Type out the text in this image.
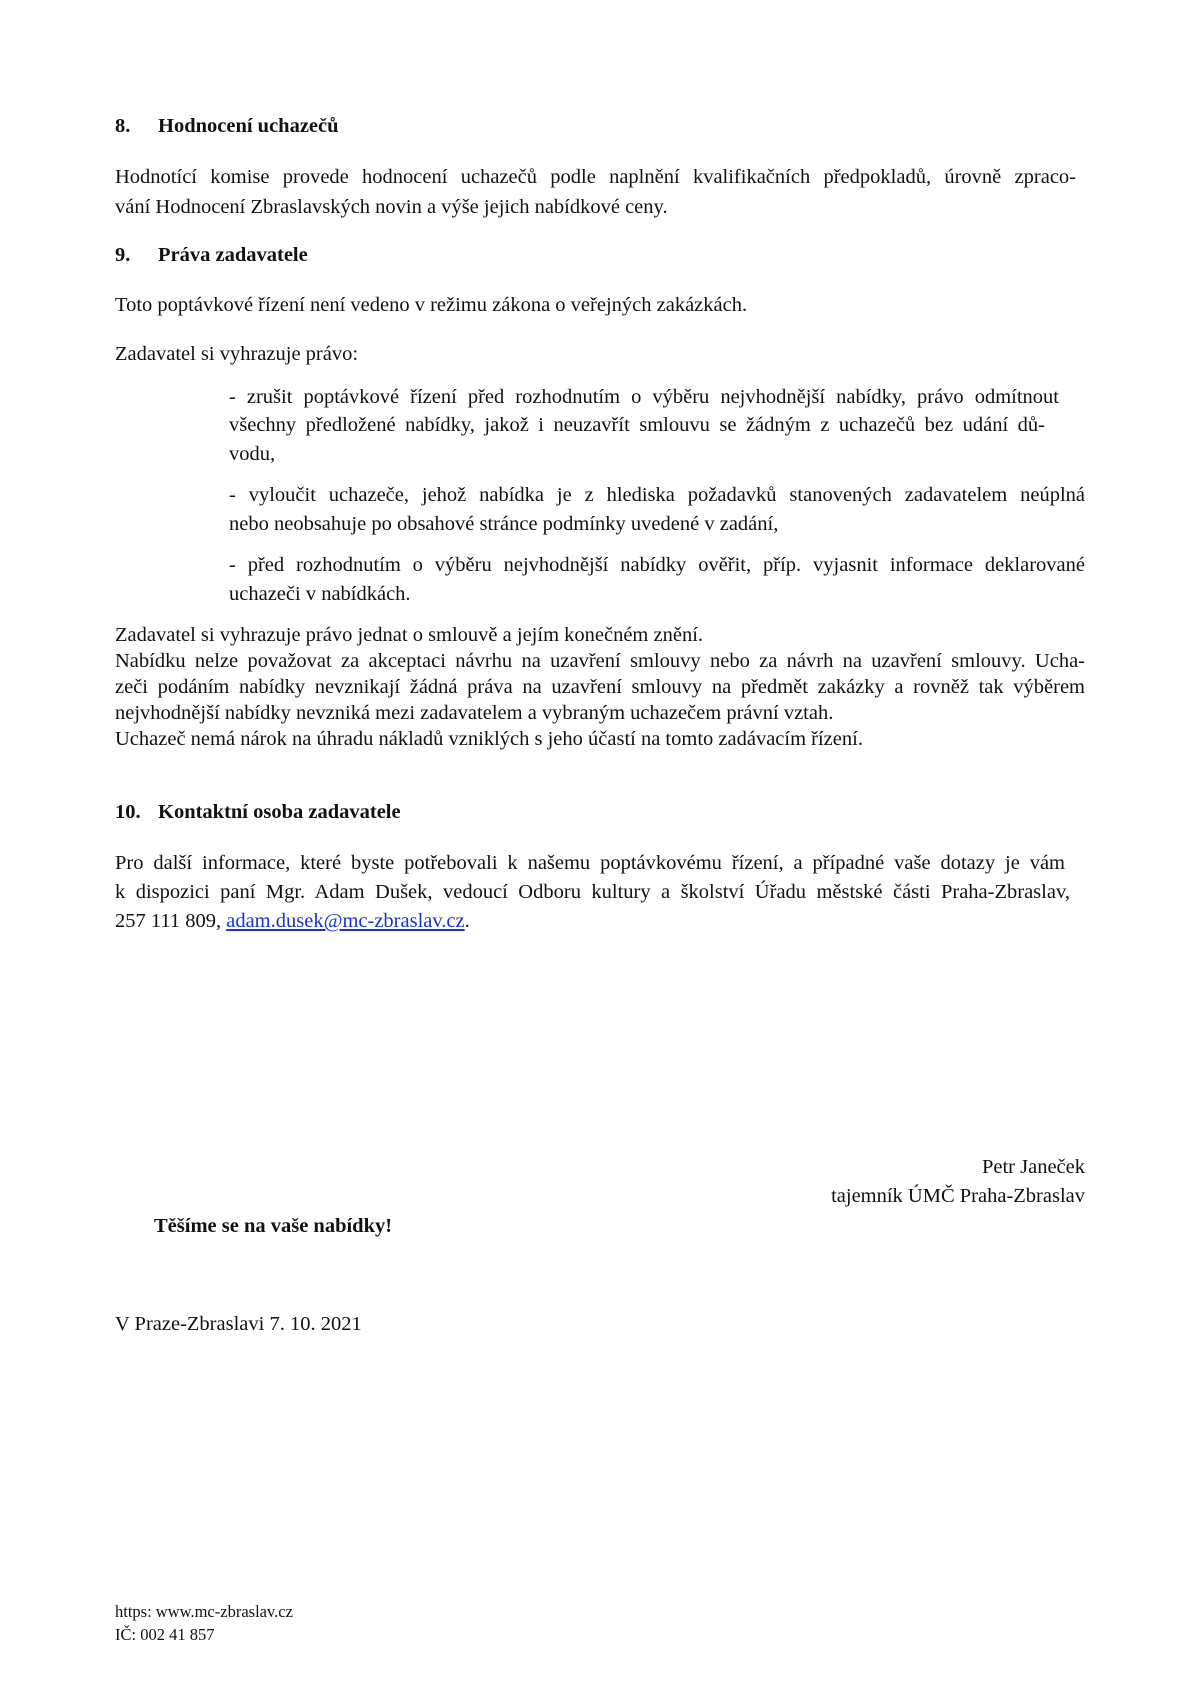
8. Hodnocení uchazečů
Hodnotící komise provede hodnocení uchazečů podle naplnění kvalifikačních předpokladů, úrovně zpraco-
vání Hodnocení Zbraslavských novin a výše jejich nabídkové ceny.
9. Práva zadavatele
Toto poptávkové řízení není vedeno v režimu zákona o veřejných zakázkách.
Zadavatel si vyhrazuje právo:
- zrušit poptávkové řízení před rozhodnutím o výběru nejvhodnější nabídky, právo odmítnout
všechny předložené nabídky, jakož i neuzavřít smlouvu se žádným z uchazečů bez udání dů-
vodu,
- vyloučit uchazeče, jehož nabídka je z hlediska požadavků stanovených zadavatelem neúplná
nebo neobsahuje po obsahové stránce podmínky uvedené v zadání,
- před rozhodnutím o výběru nejvhodnější nabídky ověřit, příp. vyjasnit informace deklarované
uchazeči v nabídkách.
Zadavatel si vyhrazuje právo jednat o smlouvě a jejím konečném znění.
Nabídku nelze považovat za akceptaci návrhu na uzavření smlouvy nebo za návrh na uzavření smlouvy. Ucha-
zeči podáním nabídky nevznikají žádná práva na uzavření smlouvy na předmět zakázky a rovněž tak výběrem
nejvhodnější nabídky nevzniká mezi zadavatelem a vybraným uchazečem právní vztah.
Uchazeč nemá nárok na úhradu nákladů vzniklých s jeho účastí na tomto zadávacím řízení.
10. Kontaktní osoba zadavatele
Pro další informace, které byste potřebovali k našemu poptávkovému řízení, a případné vaše dotazy je vám
k dispozici paní Mgr. Adam Dušek, vedoucí Odboru kultury a školství Úřadu městské části Praha-Zbraslav,
257 111 809, adam.dusek@mc-zbraslav.cz.
Petr Janeček
tajemník ÚMČ Praha-Zbraslav
Těšíme se na vaše nabídky!
V Praze-Zbraslavi 7. 10. 2021
https: www.mc-zbraslav.cz
IČ: 002 41 857
